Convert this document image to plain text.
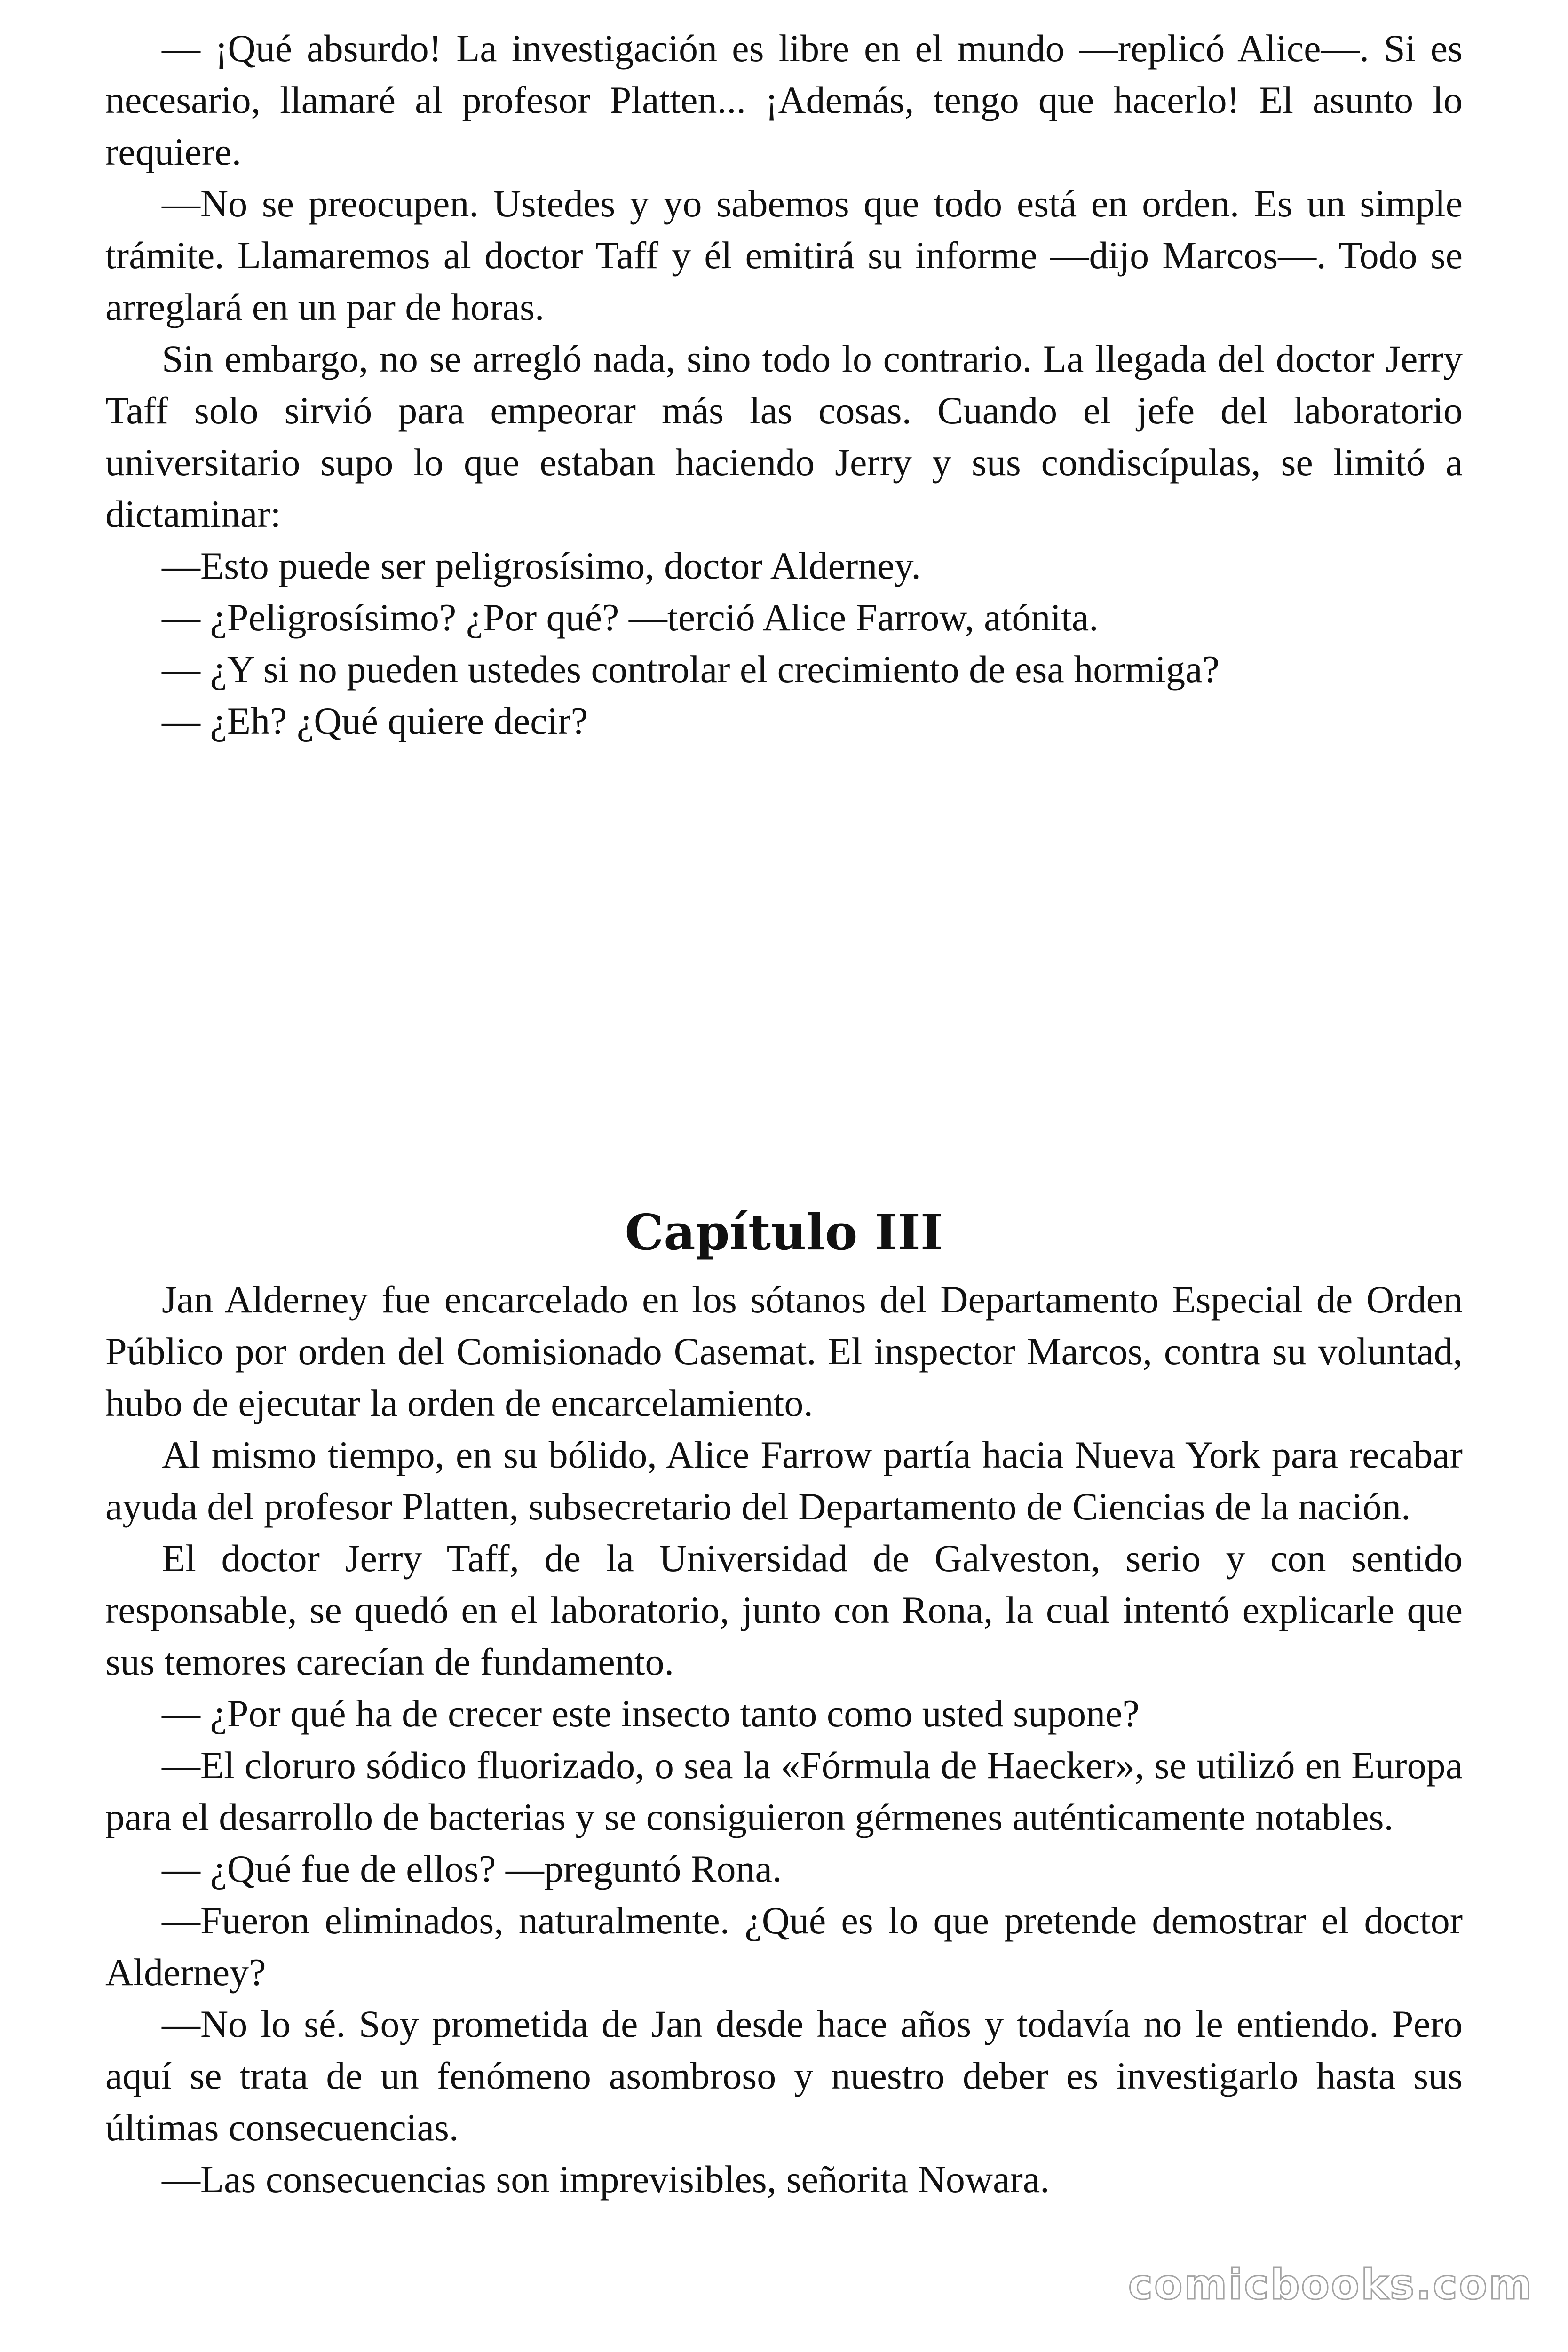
— ¡Qué absurdo! La investigación es libre en el mundo —replicó Alice—. Si es necesario, llamaré al profesor Platten... ¡Además, tengo que hacerlo! El asunto lo requiere.

—No se preocupen. Ustedes y yo sabemos que todo está en orden. Es un simple trámite. Llamaremos al doctor Taff y él emitirá su informe —dijo Marcos—. Todo se arreglará en un par de horas.

Sin embargo, no se arregló nada, sino todo lo contrario. La llegada del doctor Jerry Taff solo sirvió para empeorar más las cosas. Cuando el jefe del laboratorio universitario supo lo que estaban haciendo Jerry y sus condiscípulas, se limitó a dictaminar:

—Esto puede ser peligrosísimo, doctor Alderney.

— ¿Peligrosísimo? ¿Por qué? —terció Alice Farrow, atónita.

— ¿Y si no pueden ustedes controlar el crecimiento de esa hormiga?

— ¿Eh? ¿Qué quiere decir?

Capítulo III

Jan Alderney fue encarcelado en los sótanos del Departamento Especial de Orden Público por orden del Comisionado Casemat. El inspector Marcos, contra su voluntad, hubo de ejecutar la orden de encarcelamiento.

Al mismo tiempo, en su bólido, Alice Farrow partía hacia Nueva York para recabar ayuda del profesor Platten, subsecretario del Departamento de Ciencias de la nación.

El doctor Jerry Taff, de la Universidad de Galveston, serio y con sentido responsable, se quedó en el laboratorio, junto con Rona, la cual intentó explicarle que sus temores carecían de fundamento.

— ¿Por qué ha de crecer este insecto tanto como usted supone?

—El cloruro sódico fluorizado, o sea la «Fórmula de Haecker», se utilizó en Europa para el desarrollo de bacterias y se consiguieron gérmenes auténticamente notables.

— ¿Qué fue de ellos? —preguntó Rona.

—Fueron eliminados, naturalmente. ¿Qué es lo que pretende demostrar el doctor Alderney?

—No lo sé. Soy prometida de Jan desde hace años y todavía no le entiendo. Pero aquí se trata de un fenómeno asombroso y nuestro deber es investigarlo hasta sus últimas consecuencias.

—Las consecuencias son imprevisibles, señorita Nowara.

comicbooks.com
